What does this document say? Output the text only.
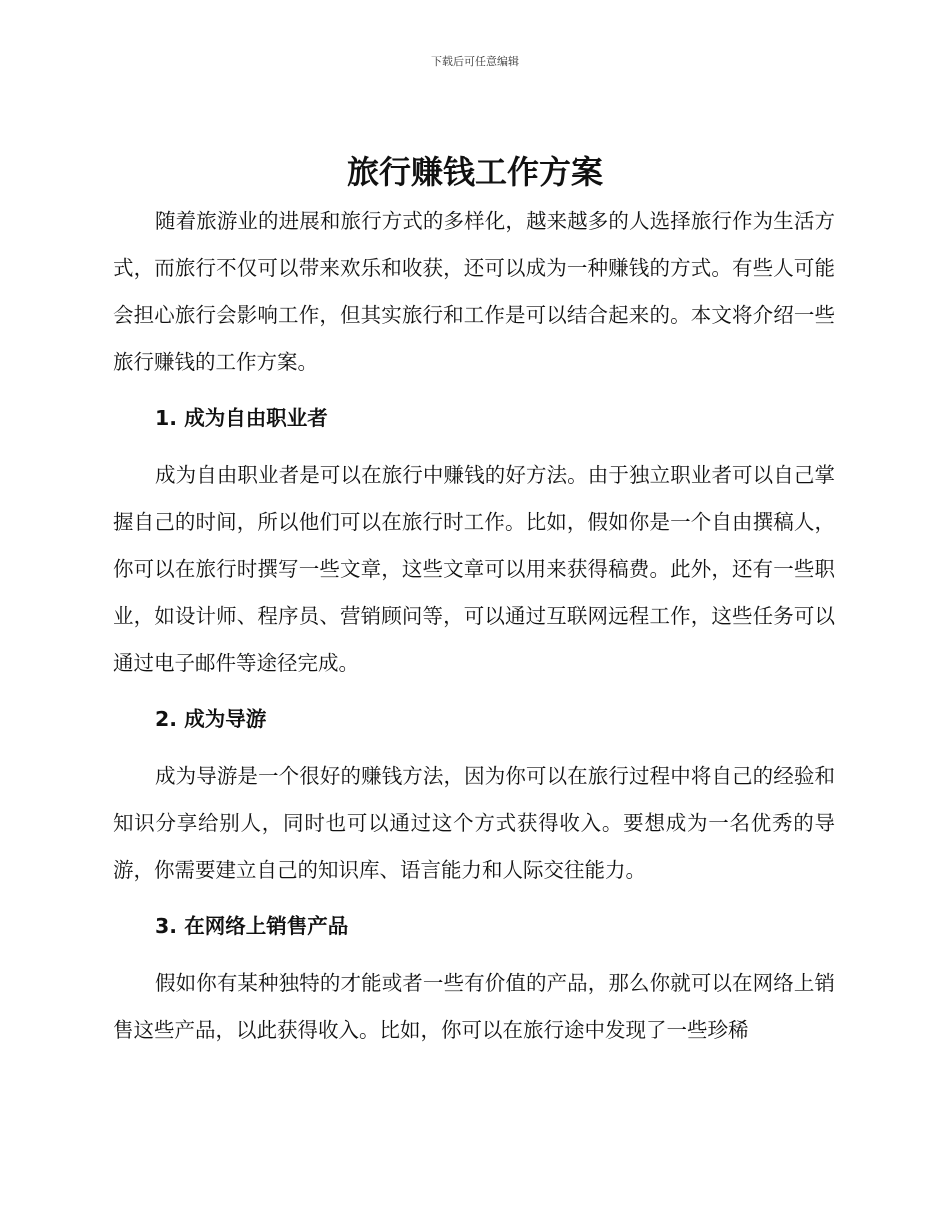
下载后可任意编辑
旅行赚钱工作方案

随着旅游业的进展和旅行方式的多样化，越来越多的人选择旅行作为生活方式，而旅行不仅可以带来欢乐和收获，还可以成为一种赚钱的方式。有些人可能会担心旅行会影响工作，但其实旅行和工作是可以结合起来的。本文将介绍一些旅行赚钱的工作方案。

1. 成为自由职业者

成为自由职业者是可以在旅行中赚钱的好方法。由于独立职业者可以自己掌握自己的时间，所以他们可以在旅行时工作。比如，假如你是一个自由撰稿人，你可以在旅行时撰写一些文章，这些文章可以用来获得稿费。此外，还有一些职业，如设计师、程序员、营销顾问等，可以通过互联网远程工作，这些任务可以通过电子邮件等途径完成。

2. 成为导游

成为导游是一个很好的赚钱方法，因为你可以在旅行过程中将自己的经验和知识分享给别人，同时也可以通过这个方式获得收入。要想成为一名优秀的导游，你需要建立自己的知识库、语言能力和人际交往能力。

3. 在网络上销售产品

假如你有某种独特的才能或者一些有价值的产品，那么你就可以在网络上销售这些产品，以此获得收入。比如，你可以在旅行途中发现了一些珍稀
